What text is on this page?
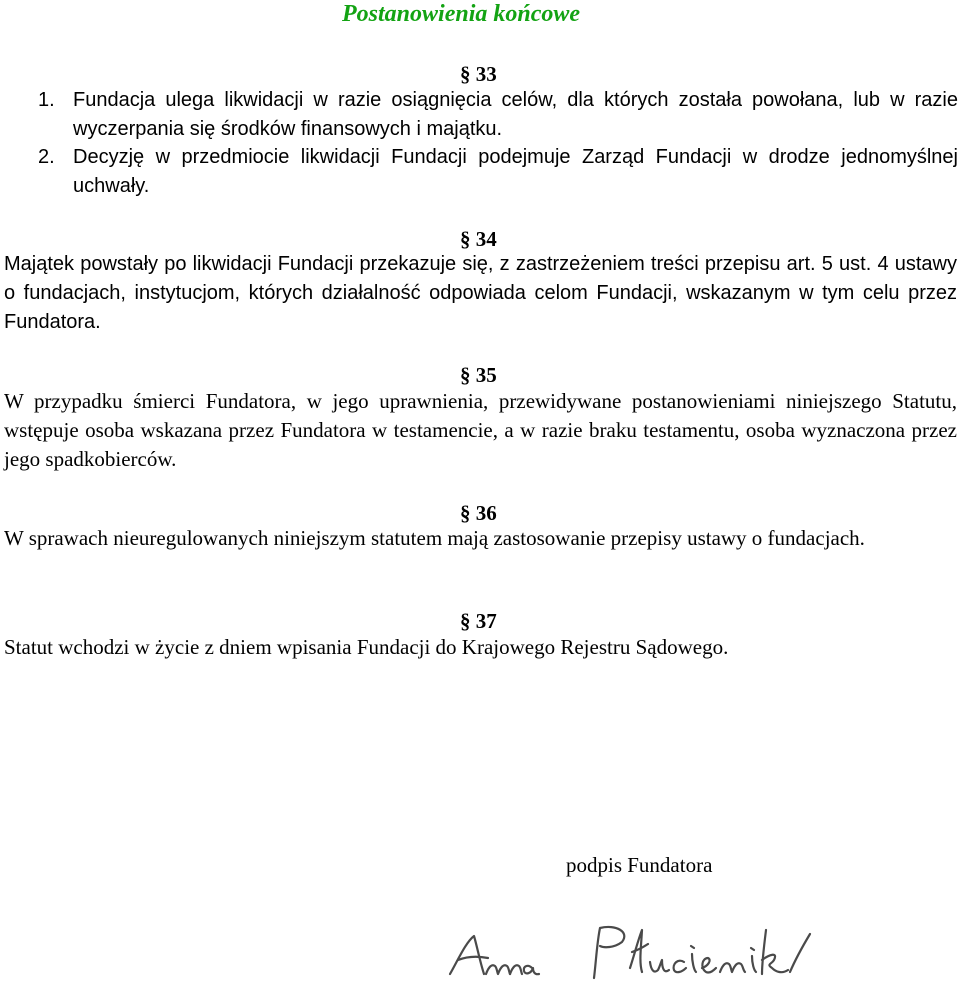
Postanowienia końcowe
§ 33
1. Fundacja ulega likwidacji w razie osiągnięcia celów, dla których została powołana, lub w razie wyczerpania się środków finansowych i majątku.
2. Decyzję w przedmiocie likwidacji Fundacji podejmuje Zarząd Fundacji w drodze jednomyślnej uchwały.
§ 34

Majątek powstały po likwidacji Fundacji przekazuje się, z zastrzeżeniem treści przepisu art. 5 ust. 4 ustawy o fundacjach, instytucjom, których działalność odpowiada celom Fundacji, wskazanym w tym celu przez Fundatora.

§ 35

W przypadku śmierci Fundatora, w jego uprawnienia, przewidywane postanowieniami niniejszego Statutu, wstępuje osoba wskazana przez Fundatora w testamencie, a w razie braku testamentu, osoba wyznaczona przez jego spadkobierców.

§ 36

W sprawach nieuregulowanych niniejszym statutem mają zastosowanie przepisy ustawy o fundacjach.

§ 37

Statut wchodzi w życie z dniem wpisania Fundacji do Krajowego Rejestru Sądowego.

podpis Fundatora
